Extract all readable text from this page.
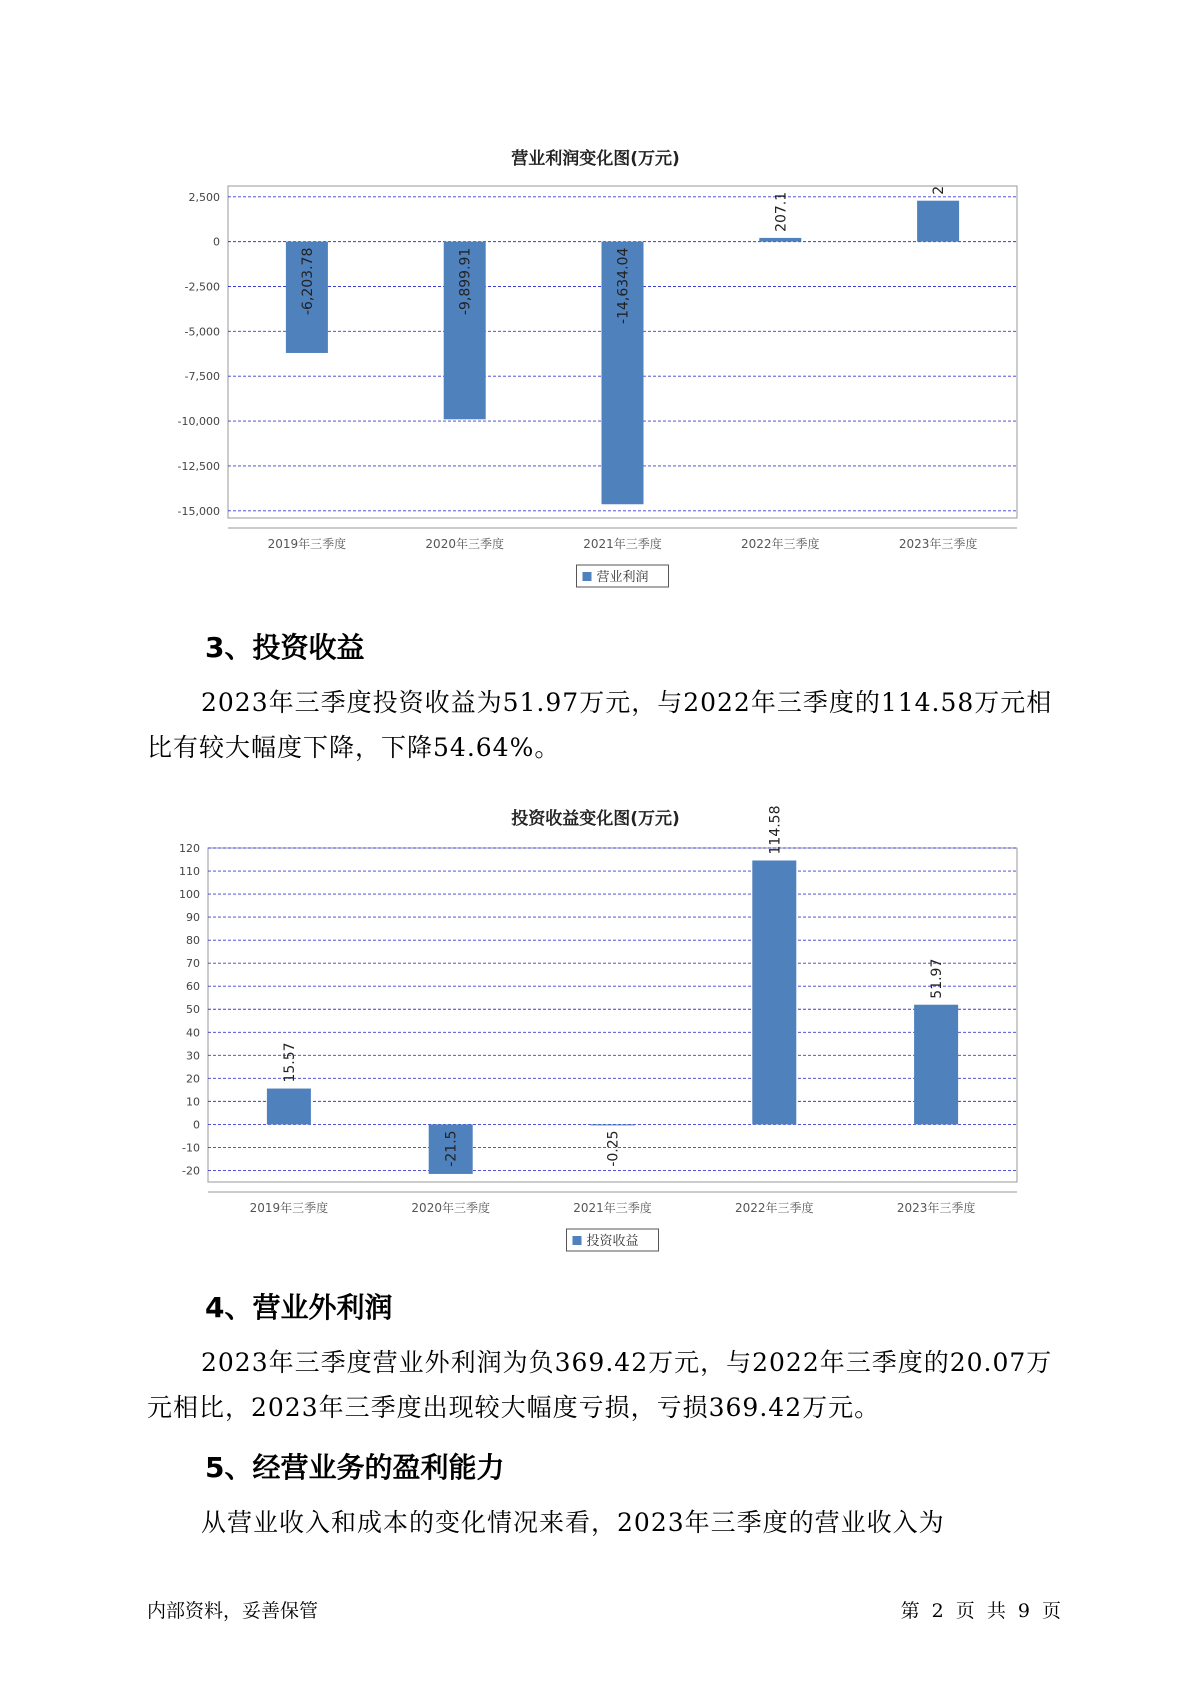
营业利润变化图(万元)
2,500
0
-2,500
-5,000
-7,500
-10,000
-12,500
-15,000
-6,203.78
2019年三季度
-9,899.91
2020年三季度
-14,634.04
2021年三季度
207.1
2022年三季度
2
2023年三季度
营业利润
3、投资收益
2023年三季度投资收益为51.97万元，与2022年三季度的114.58万元相比有较大幅度下降，下降54.64%。
投资收益变化图(万元)
120
110
100
90
80
70
60
50
40
30
20
10
0
-10
-20
15.57
2019年三季度
-21.5
2020年三季度
-0.25
2021年三季度
114.58
2022年三季度
51.97
2023年三季度
投资收益
4、营业外利润
2023年三季度营业外利润为负369.42万元，与2022年三季度的20.07万元相比，2023年三季度出现较大幅度亏损，亏损369.42万元。
5、经营业务的盈利能力
从营业收入和成本的变化情况来看，2023年三季度的营业收入为
内部资料，妥善保管	第 2 页 共 9 页
